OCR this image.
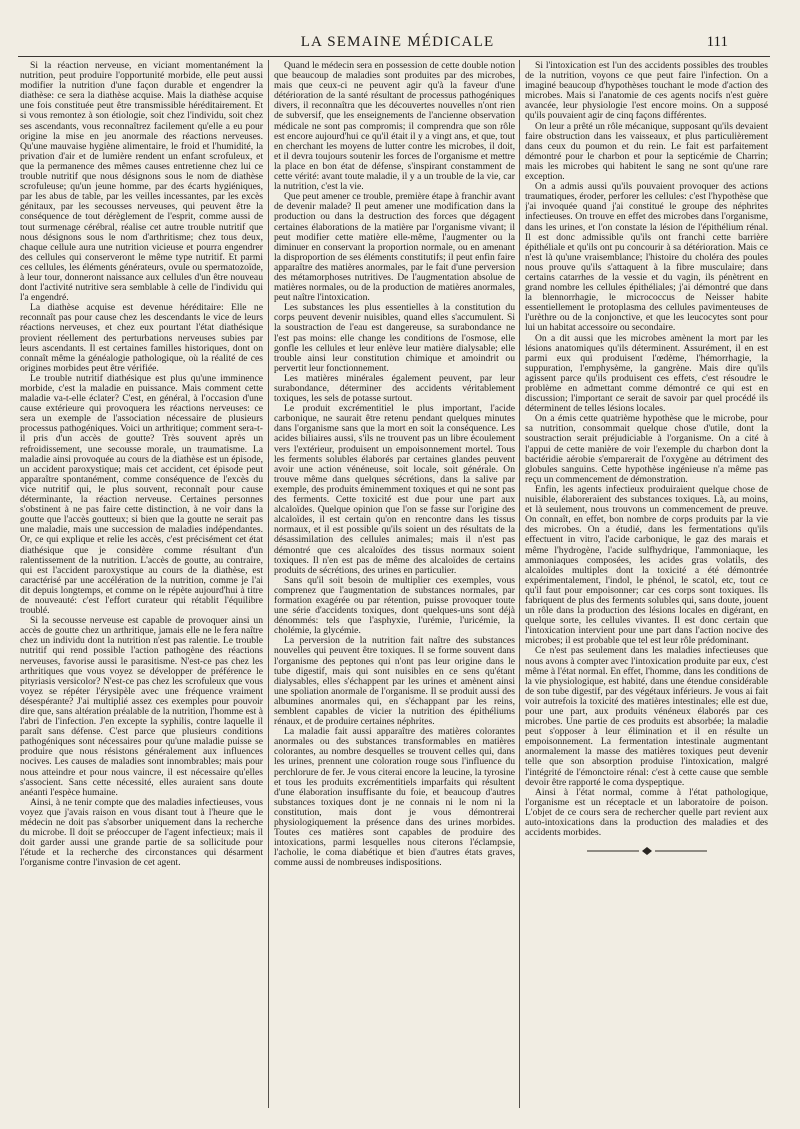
LA SEMAINE MÉDICALE	111

Si la réaction nerveuse, en viciant momentanément la nutrition, peut produire l'opportunité morbide, elle peut aussi modifier la nutrition d'une façon durable et engendrer la diathèse: ce sera la diathèse acquise. Mais la diathèse acquise une fois constituée peut être transmissible héréditairement. Et si vous remontez à son étiologie, soit chez l'individu, soit chez ses ascendants, vous reconnaîtrez facilement qu'elle a eu pour origine la mise en jeu anormale des réactions nerveuses. Qu'une mauvaise hygiène alimentaire, le froid et l'humidité, la privation d'air et de lumière rendent un enfant scrofuleux, et que la permanence des mêmes causes entretienne chez lui ce trouble nutritif que nous désignons sous le nom de diathèse scrofuleuse; qu'un jeune homme, par des écarts hygiéniques, par les abus de table, par les veilles incessantes, par les excès génitaux, par les secousses nerveuses, qui peuvent être la conséquence de tout dérèglement de l'esprit, comme aussi de tout surmenage cérébral, réalise cet autre trouble nutritif que nous désignons sous le nom d'arthritisme; chez tous deux, chaque cellule aura une nutrition vicieuse et pourra engendrer des cellules qui conserveront le même type nutritif. Et parmi ces cellules, les éléments générateurs, ovule ou spermatozoïde, à leur tour, donneront naissance aux cellules d'un être nouveau dont l'activité nutritive sera semblable à celle de l'individu qui l'a engendré.

La diathèse acquise est devenue héréditaire: Elle ne reconnaît pas pour cause chez les descendants le vice de leurs réactions nerveuses, et chez eux pourtant l'état diathésique provient réellement des perturbations nerveuses subies par leurs ascendants. Il est certaines familles historiques, dont on connaît même la généalogie pathologique, où la réalité de ces origines morbides peut être vérifiée.

Le trouble nutritif diathésique est plus qu'une imminence morbide, c'est la maladie en puissance. Mais comment cette maladie va-t-elle éclater? C'est, en général, à l'occasion d'une cause extérieure qui provoquera les réactions nerveuses: ce sera un exemple de l'association nécessaire de plusieurs processus pathogéniques. Voici un arthritique; comment sera-t-il pris d'un accès de goutte? Très souvent après un refroidissement, une secousse morale, un traumatisme. La maladie ainsi provoquée au cours de la diathèse est un épisode, un accident paroxystique; mais cet accident, cet épisode peut apparaître spontanément, comme conséquence de l'excès du vice nutritif qui, le plus souvent, reconnaît pour cause déterminante, la réaction nerveuse. Certaines personnes s'obstinent à ne pas faire cette distinction, à ne voir dans la goutte que l'accès goutteux; si bien que la goutte ne serait pas une maladie, mais une succession de maladies indépendantes. Or, ce qui explique et relie les accès, c'est précisément cet état diathésique que je considère comme résultant d'un ralentissement de la nutrition. L'accès de goutte, au contraire, qui est l'accident paroxystique au cours de la diathèse, est caractérisé par une accélération de la nutrition, comme je l'ai dit depuis longtemps, et comme on le répète aujourd'hui à titre de nouveauté: c'est l'effort curateur qui rétablit l'équilibre troublé.

Si la secousse nerveuse est capable de provoquer ainsi un accès de goutte chez un arthritique, jamais elle ne le fera naître chez un individu dont la nutrition n'est pas ralentie. Le trouble nutritif qui rend possible l'action pathogène des réactions nerveuses, favorise aussi le parasitisme. N'est-ce pas chez les arthritiques que vous voyez se développer de préférence le pityriasis versicolor? N'est-ce pas chez les scrofuleux que vous voyez se répéter l'érysipèle avec une fréquence vraiment désespérante? J'ai multiplié assez ces exemples pour pouvoir dire que, sans altération préalable de la nutrition, l'homme est à l'abri de l'infection. J'en excepte la syphilis, contre laquelle il paraît sans défense. C'est parce que plusieurs conditions pathogéniques sont nécessaires pour qu'une maladie puisse se produire que nous résistons généralement aux influences nocives. Les causes de maladies sont innombrables; mais pour nous atteindre et pour nous vaincre, il est nécessaire qu'elles s'associent. Sans cette nécessité, elles auraient sans doute anéanti l'espèce humaine.

Ainsi, à ne tenir compte que des maladies infectieuses, vous voyez que j'avais raison en vous disant tout à l'heure que le médecin ne doit pas s'absorber uniquement dans la recherche du microbe. Il doit se préoccuper de l'agent infectieux; mais il doit garder aussi une grande partie de sa sollicitude pour l'étude et la recherche des circonstances qui désarment l'organisme contre l'invasion de cet agent.

Quand le médecin sera en possession de cette double notion que beaucoup de maladies sont produites par des microbes, mais que ceux-ci ne peuvent agir qu'à la faveur d'une détérioration de la santé résultant de processus pathogéniques divers, il reconnaîtra que les découvertes nouvelles n'ont rien de subversif, que les enseignements de l'ancienne observation médicale ne sont pas compromis; il comprendra que son rôle est encore aujourd'hui ce qu'il était il y a vingt ans, et que, tout en cherchant les moyens de lutter contre les microbes, il doit, et il devra toujours soutenir les forces de l'organisme et mettre la place en bon état de défense, s'inspirant constamment de cette vérité: avant toute maladie, il y a un trouble de la vie, car la nutrition, c'est la vie.

Que peut amener ce trouble, première étape à franchir avant de devenir malade? Il peut amener une modification dans la production ou dans la destruction des forces que dégagent certaines élaborations de la matière par l'organisme vivant; il peut modifier cette matière elle-même, l'augmenter ou la diminuer en conservant la proportion normale, ou en amenant la disproportion de ses éléments constitutifs; il peut enfin faire apparaître des matières anormales, par le fait d'une perversion des métamorphoses nutritives. De l'augmentation absolue de matières normales, ou de la production de matières anormales, peut naître l'intoxication.

Les substances les plus essentielles à la constitution du corps peuvent devenir nuisibles, quand elles s'accumulent. Si la soustraction de l'eau est dangereuse, sa surabondance ne l'est pas moins: elle change les conditions de l'osmose, elle gonfle les cellules et leur enlève leur matière dialysable; elle trouble ainsi leur constitution chimique et amoindrit ou pervertit leur fonctionnement.

Les matières minérales également peuvent, par leur surabondance, déterminer des accidents véritablement toxiques, les sels de potasse surtout.

Le produit excrémentitiel le plus important, l'acide carbonique, ne saurait être retenu pendant quelques minutes dans l'organisme sans que la mort en soit la conséquence. Les acides biliaires aussi, s'ils ne trouvent pas un libre écoulement vers l'extérieur, produisent un empoisonnement mortel. Tous les ferments solubles élaborés par certaines glandes peuvent avoir une action vénéneuse, soit locale, soit générale. On trouve même dans quelques sécrétions, dans la salive par exemple, des produits éminemment toxiques et qui ne sont pas des ferments. Cette toxicité est due pour une part aux alcaloïdes. Quelque opinion que l'on se fasse sur l'origine des alcaloïdes, il est certain qu'on en rencontre dans les tissus normaux, et il est possible qu'ils soient un des résultats de la désassimilation des cellules animales; mais il n'est pas démontré que ces alcaloïdes des tissus normaux soient toxiques. Il n'en est pas de même des alcaloïdes de certains produits de sécrétions, des urines en particulier.

Sans qu'il soit besoin de multiplier ces exemples, vous comprenez que l'augmentation de substances normales, par formation exagérée ou par rétention, puisse provoquer toute une série d'accidents toxiques, dont quelques-uns sont déjà dénommés: tels que l'asphyxie, l'urémie, l'uricémie, la cholémie, la glycémie.

La perversion de la nutrition fait naître des substances nouvelles qui peuvent être toxiques. Il se forme souvent dans l'organisme des peptones qui n'ont pas leur origine dans le tube digestif, mais qui sont nuisibles en ce sens qu'étant dialysables, elles s'échappent par les urines et amènent ainsi une spoliation anormale de l'organisme. Il se produit aussi des albumines anormales qui, en s'échappant par les reins, semblent capables de vicier la nutrition des épithéliums rénaux, et de produire certaines néphrites.

La maladie fait aussi apparaître des matières colorantes anormales ou des substances transformables en matières colorantes, au nombre desquelles se trouvent celles qui, dans les urines, prennent une coloration rouge sous l'influence du perchlorure de fer. Je vous citerai encore la leucine, la tyrosine et tous les produits excrémentitiels imparfaits qui résultent d'une élaboration insuffisante du foie, et beaucoup d'autres substances toxiques dont je ne connais ni le nom ni la constitution, mais dont je vous démontrerai physiologiquement la présence dans des urines morbides. Toutes ces matières sont capables de produire des intoxications, parmi lesquelles nous citerons l'éclampsie, l'acholie, le coma diabétique et bien d'autres états graves, comme aussi de nombreuses indispositions.

Si l'intoxication est l'un des accidents possibles des troubles de la nutrition, voyons ce que peut faire l'infection. On a imaginé beaucoup d'hypothèses touchant le mode d'action des microbes. Mais si l'anatomie de ces agents nocifs n'est guère avancée, leur physiologie l'est encore moins. On a supposé qu'ils pouvaient agir de cinq façons différentes.

On leur a prêté un rôle mécanique, supposant qu'ils devaient faire obstruction dans les vaisseaux, et plus particulièrement dans ceux du poumon et du rein. Le fait est parfaitement démontré pour le charbon et pour la septicémie de Charrin; mais les microbes qui habitent le sang ne sont qu'une rare exception.

On a admis aussi qu'ils pouvaient provoquer des actions traumatiques, éroder, perforer les cellules: c'est l'hypothèse que j'ai invoquée quand j'ai constitué le groupe des néphrites infectieuses. On trouve en effet des microbes dans l'organisme, dans les urines, et l'on constate la lésion de l'épithélium rénal. Il est donc admissible qu'ils ont franchi cette barrière épithéliale et qu'ils ont pu concourir à sa détérioration. Mais ce n'est là qu'une vraisemblance; l'histoire du choléra des poules nous prouve qu'ils s'attaquent à la fibre musculaire; dans certains catarrhes de la vessie et du vagin, ils pénètrent en grand nombre les cellules épithéliales; j'ai démontré que dans la blennorrhagie, le micrococcus de Neisser habite essentiellement le protoplasma des cellules pavimenteuses de l'urèthre ou de la conjonctive, et que les leucocytes sont pour lui un habitat accessoire ou secondaire.

On a dit aussi que les microbes amènent la mort par les lésions anatomiques qu'ils déterminent. Assurément, il en est parmi eux qui produisent l'œdème, l'hémorrhagie, la suppuration, l'emphysème, la gangrène. Mais dire qu'ils agissent parce qu'ils produisent ces effets, c'est résoudre le problème en admettant comme démontré ce qui est en discussion; l'important ce serait de savoir par quel procédé ils déterminent de telles lésions locales.

On a émis cette quatrième hypothèse que le microbe, pour sa nutrition, consommait quelque chose d'utile, dont la soustraction serait préjudiciable à l'organisme. On a cité à l'appui de cette manière de voir l'exemple du charbon dont la bactéridie aérobie s'emparerait de l'oxygène au détriment des globules sanguins. Cette hypothèse ingénieuse n'a même pas reçu un commencement de démonstration.

Enfin, les agents infectieux produiraient quelque chose de nuisible, élaboreraient des substances toxiques. Là, au moins, et là seulement, nous trouvons un commencement de preuve. On connaît, en effet, bon nombre de corps produits par la vie des microbes. On a étudié, dans les fermentations qu'ils effectuent in vitro, l'acide carbonique, le gaz des marais et même l'hydrogène, l'acide sulfhydrique, l'ammoniaque, les ammoniaques composées, les acides gras volatils, des alcaloïdes multiples dont la toxicité a été démontrée expérimentalement, l'indol, le phénol, le scatol, etc, tout ce qu'il faut pour empoisonner; car ces corps sont toxiques. Ils fabriquent de plus des ferments solubles qui, sans doute, jouent un rôle dans la production des lésions locales en digérant, en quelque sorte, les cellules vivantes. Il est donc certain que l'intoxication intervient pour une part dans l'action nocive des microbes; il est probable que tel est leur rôle prédominant.

Ce n'est pas seulement dans les maladies infectieuses que nous avons à compter avec l'intoxication produite par eux, c'est même à l'état normal. En effet, l'homme, dans les conditions de la vie physiologique, est habité, dans une étendue considérable de son tube digestif, par des végétaux inférieurs. Je vous ai fait voir autrefois la toxicité des matières intestinales; elle est due, pour une part, aux produits vénéneux élaborés par ces microbes. Une partie de ces produits est absorbée; la maladie peut s'opposer à leur élimination et il en résulte un empoisonnement. La fermentation intestinale augmentant anormalement la masse des matières toxiques peut devenir telle que son absorption produise l'intoxication, malgré l'intégrité de l'émonctoire rénal: c'est à cette cause que semble devoir être rapporté le coma dyspeptique.

Ainsi à l'état normal, comme à l'état pathologique, l'organisme est un réceptacle et un laboratoire de poison. L'objet de ce cours sera de rechercher quelle part revient aux auto-intoxications dans la production des maladies et des accidents morbides.
